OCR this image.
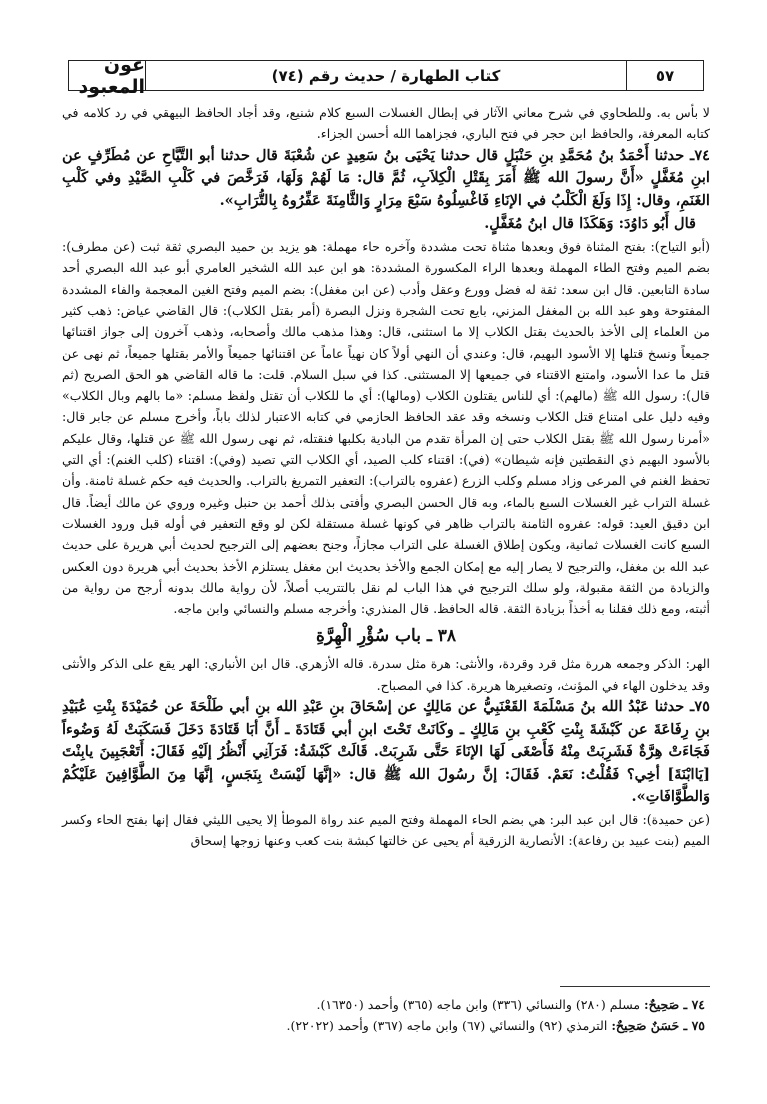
٥٧
كتاب الطهارة / حديث رقم (٧٤)
عون المعبود

لا بأس به. وللطحاوي في شرح معاني الآثار في إبطال الغسلات السبع كلام شنيع، وقد أجاد الحافظ البيهقي في رد كلامه في كتابه المعرفة، والحافظ ابن حجر في فتح الباري، فجزاهما الله أحسن الجزاء.

٧٤ـ حدثنا أَحْمَدُ بنُ مُحَمَّدِ بنِ حَنْبَلٍ قال حدثنا يَحْيَى بنُ سَعِيدٍ عن شُعْبَةَ قال حدثنا أبو التَّيَّاحِ عن مُطَرِّفٍ عن ابنِ مُغَفَّلٍ «أَنَّ رسولَ الله ﷺ أَمَرَ بِقَتْلِ الْكِلاَبِ، ثُمَّ قال: مَا لَهُمْ وَلَهَا، فَرَخَّصَ في كَلْبِ الصَّيْدِ وفي كَلْبِ الغَنَمِ، وقال: إِذَا وَلَغَ الْكَلْبُ في الإنَاءِ فَاغْسِلُوهُ سَبْعَ مِرَارٍ وَالثَّامِنَةَ عَفِّرُوهُ بِالتُّرَابِ».

قال أَبُو دَاوُدَ: وَهَكَذَا قال ابنُ مُغَفَّلٍ.

(أبو التياح): بفتح المثناة فوق وبعدها مثناة تحت مشددة وآخره حاء مهملة: هو يزيد بن حميد البصري ثقة ثبت (عن مطرف): بضم الميم وفتح الطاء المهملة وبعدها الراء المكسورة المشددة: هو ابن عبد الله الشخير العامري أبو عبد الله البصري أحد سادة التابعين. قال ابن سعد: ثقة له فضل وورع وعقل وأدب (عن ابن مغفل): بضم الميم وفتح الغين المعجمة والفاء المشددة المفتوحة وهو عبد الله بن المغفل المزني، بايع تحت الشجرة ونزل البصرة (أمر بقتل الكلاب): قال القاضي عياض: ذهب كثير من العلماء إلى الأخذ بالحديث بقتل الكلاب إلا ما استثنى، قال: وهذا مذهب مالك وأصحابه، وذهب آخرون إلى جواز اقتنائها جميعاً ونسخ قتلها إلا الأسود البهيم، قال: وعندي أن النهي أولاً كان نهياً عاماً عن اقتنائها جميعاً والأمر بقتلها جميعاً، ثم نهى عن قتل ما عدا الأسود، وامتنع الاقتناء في جميعها إلا المستثنى. كذا في سبل السلام. قلت: ما قاله القاضي هو الحق الصريح (ثم قال): رسول الله ﷺ (مالهم): أي للناس يقتلون الكلاب (ومالها): أي ما للكلاب أن تقتل ولفظ مسلم: «ما بالهم وبال الكلاب» وفيه دليل على امتناع قتل الكلاب ونسخه وقد عقد الحافظ الحازمي في كتابه الاعتبار لذلك باباً، وأخرج مسلم عن جابر قال: «أمرنا رسول الله ﷺ بقتل الكلاب حتى إن المرأة تقدم من البادية بكلبها فنقتله، ثم نهى رسول الله ﷺ عن قتلها، وقال عليكم بالأسود البهيم ذي النقطتين فإنه شيطان» (في): اقتناء كلب الصيد، أي الكلاب التي تصيد (وفي): اقتناء (كلب الغنم): أي التي تحفظ الغنم في المرعى وزاد مسلم وكلب الزرع (عفروه بالتراب): التعفير التمريغ بالتراب. والحديث فيه حكم غسلة ثامنة. وأن غسلة التراب غير الغسلات السبع بالماء، وبه قال الحسن البصري وأفتى بذلك أحمد بن حنبل وغيره وروي عن مالك أيضاً. قال ابن دقيق العيد: قوله: عفروه الثامنة بالتراب ظاهر في كونها غسلة مستقلة لكن لو وقع التعفير في أوله قبل ورود الغسلات السبع كانت الغسلات ثمانية، ويكون إطلاق الغسلة على التراب مجازاً، وجنح بعضهم إلى الترجيح لحديث أبي هريرة على حديث عبد الله بن مغفل، والترجيح لا يصار إليه مع إمكان الجمع والأخذ بحديث ابن مغفل يستلزم الأخذ بحديث أبي هريرة دون العكس والزيادة من الثقة مقبولة، ولو سلك الترجيح في هذا الباب لم نقل بالتتريب أصلاً، لأن رواية مالك بدونه أرجح من رواية من أثبته، ومع ذلك فقلنا به أخذاً بزيادة الثقة. قاله الحافظ. قال المنذري: وأخرجه مسلم والنسائي وابن ماجه.

٣٨ ـ باب سُؤْرِ الْهِرَّةِ

الهر: الذكر وجمعه هررة مثل قرد وقردة، والأنثى: هرة مثل سدرة. قاله الأزهري. قال ابن الأنباري: الهر يقع على الذكر والأنثى وقد يدخلون الهاء في المؤنث، وتصغيرها هريرة. كذا في المصباح.

٧٥ـ حدثنا عَبْدُ الله بنُ مَسْلَمَةَ القَعْنَبِيُّ عن مَالِكٍ عن إسْحَاقَ بنِ عَبْدِ الله بنِ أبي طَلْحَةَ عن حُمَيْدَةَ بِنْتِ عُبَيْدِ بنِ رِفَاعَةَ عن كَبْشَةَ بِنْتِ كَعْبِ بنِ مَالِكٍ ـ وكَانَتْ تَحْتَ ابنِ أبي قَتَادَةَ ـ أَنَّ أبَا قَتَادَةَ دَخَلَ فَسَكَبَتْ لَهُ وَضُوءاً فَجَاءَتْ هِرَّةٌ فَشَرِبَتْ مِنْهُ فَأَصْغَى لَهَا الإنَاءَ حَتَّى شَرِبَتْ. قَالَتْ كَبْشَةُ: فَرَآنِي أَنْظُرُ إلَيْهِ فَقَالَ: أَتَعْجَبِينَ يابِنْتَ [يَاابْنَةَ] أخِي؟ فَقُلْتُ: نَعَمْ. فَقَالَ: إنَّ رسُولَ الله ﷺ قال: «إنَّهَا لَيْسَتْ بِنَجَسٍ، إنَّهَا مِنَ الطَّوَّافِينَ عَلَيْكُمْ وَالطَّوَّافَاتِ».

(عن حميدة): قال ابن عبد البر: هي بضم الحاء المهملة وفتح الميم عند رواة الموطأ إلا يحيى الليثي فقال إنها بفتح الحاء وكسر الميم (بنت عبيد بن رفاعة): الأنصارية الزرقية أم يحيى عن خالتها كبشة بنت كعب وعنها زوجها إسحاق

٧٤ ـ صَحِيحٌ: مسلم (٢٨٠) والنسائي (٣٣٦) وابن ماجه (٣٦٥) وأحمد (١٦٣٥٠).

٧٥ ـ حَسَنٌ صَحِيحٌ: الترمذي (٩٢) والنسائي (٦٧) وابن ماجه (٣٦٧) وأحمد (٢٢٠٢٢).
